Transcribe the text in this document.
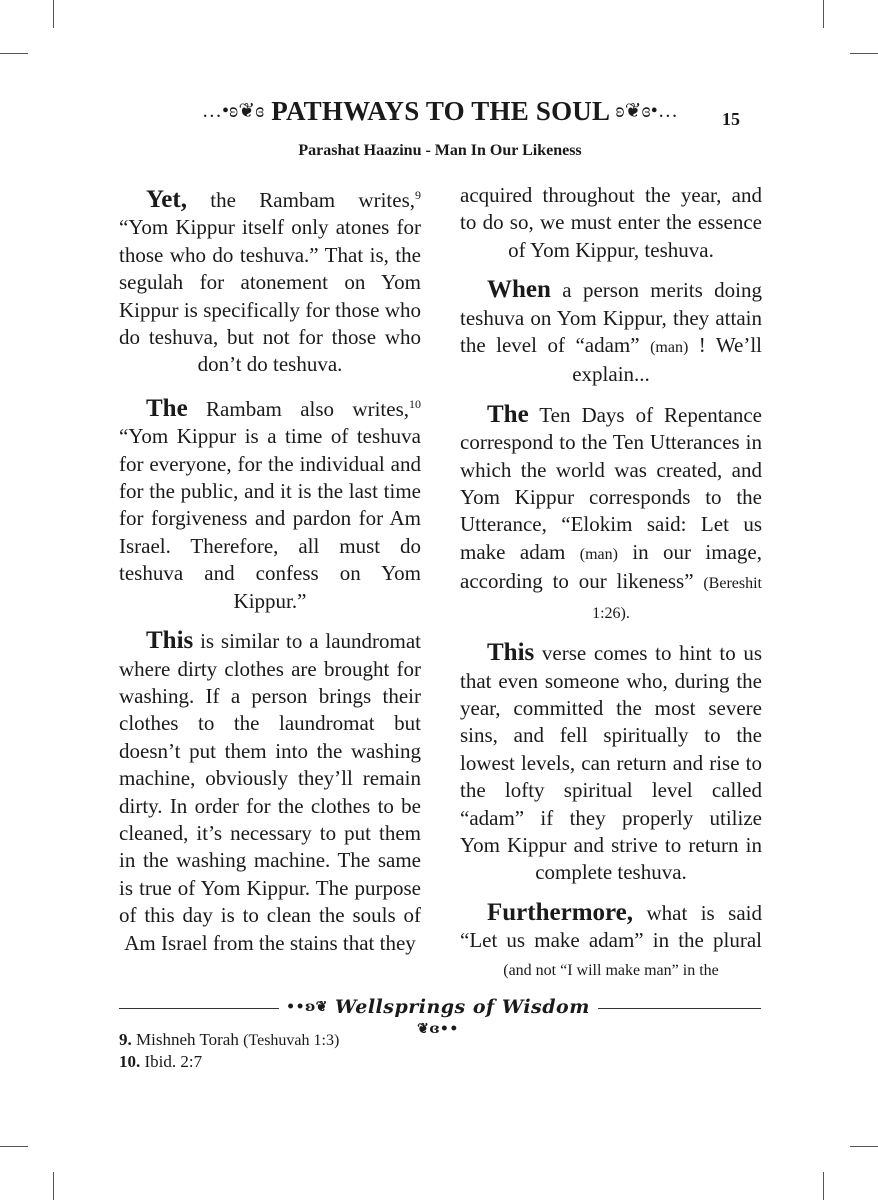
…•ʚ❦ɞ PATHWAYS TO THE SOUL ʚ❦ɞ•…	15
Parashat Haazinu - Man In Our Likeness

Yet, the Rambam writes,$^9$ “Yom Kippur itself only atones for those who do teshuva.” That is, the segulah for atonement on Yom Kippur is specifically for those who do teshuva, but not for those who don’t do teshuva.

The Rambam also writes,$^{10}$ “Yom Kippur is a time of teshuva for everyone, for the individual and for the public, and it is the last time for forgiveness and pardon for Am Israel. Therefore, all must do teshuva and confess on Yom Kippur.”

This is similar to a laundromat where dirty clothes are brought for washing. If a person brings their clothes to the laundromat but doesn’t put them into the washing machine, obviously they’ll remain dirty. In order for the clothes to be cleaned, it’s necessary to put them in the washing machine. The same is true of Yom Kippur. The purpose of this day is to clean the souls of Am Israel from the stains that they

acquired throughout the year, and to do so, we must enter the essence of Yom Kippur, teshuva.

When a person merits doing teshuva on Yom Kippur, they attain the level of “adam” (man) ! We’ll explain...

The Ten Days of Repentance correspond to the Ten Utterances in which the world was created, and Yom Kippur corresponds to the Utterance, “Elokim said: Let us make adam (man) in our image, according to our likeness” (Bereshit 1:26).

This verse comes to hint to us that even someone who, during the year, committed the most severe sins, and fell spiritually to the lowest levels, can return and rise to the lofty spiritual level called “adam” if they properly utilize Yom Kippur and strive to return in complete teshuva.

Furthermore, what is said “Let us make adam” in the plural (and not “I will make man” in the

••ʚ❦ Wellsprings of Wisdom ❦ɞ••
9. Mishneh Torah (Teshuvah 1:3)
10. Ibid. 2:7
